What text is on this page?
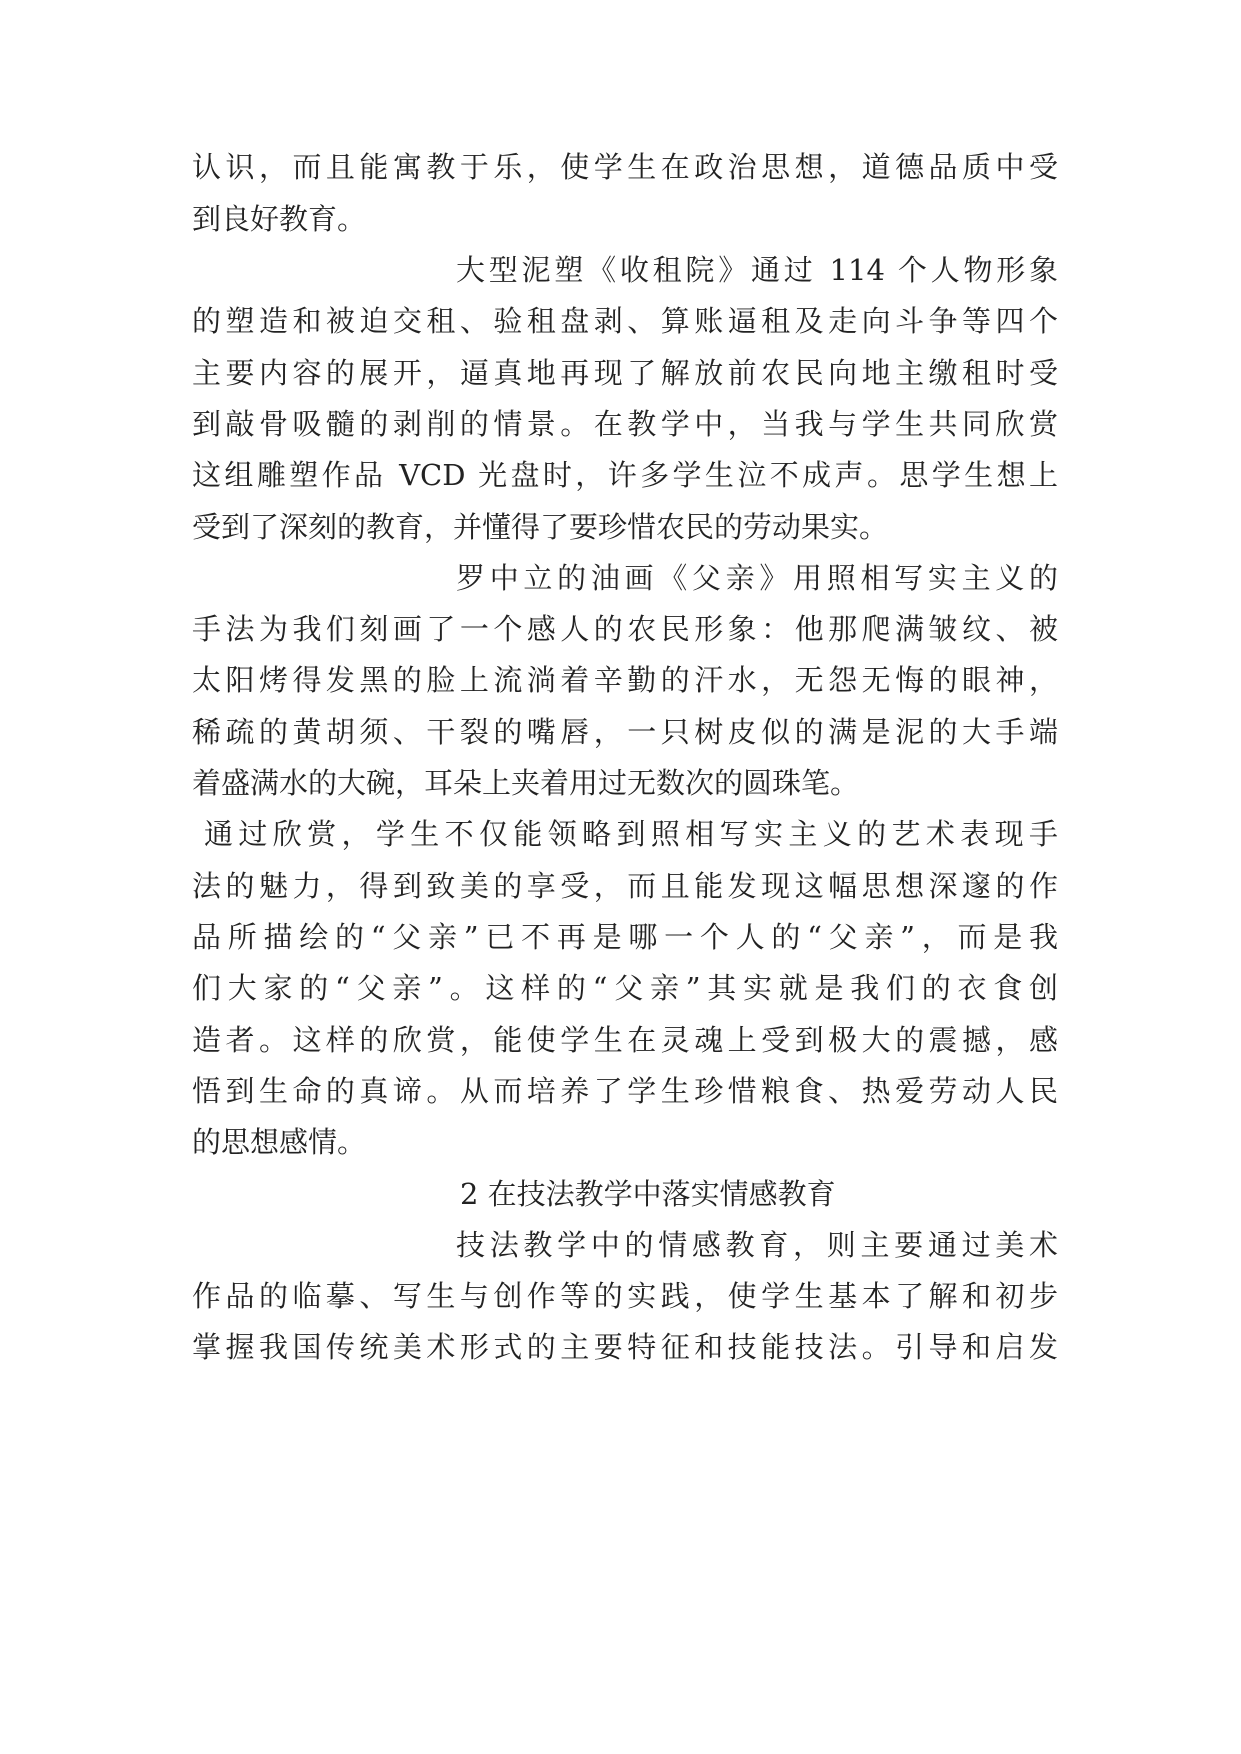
认识，而且能寓教于乐，使学生在政治思想，道德品质中受
到良好教育。
大型泥塑《收租院》通过 114 个人物形象
的塑造和被迫交租、验租盘剥、算账逼租及走向斗争等四个
主要内容的展开，逼真地再现了解放前农民向地主缴租时受
到敲骨吸髓的剥削的情景。在教学中，当我与学生共同欣赏
这组雕塑作品 VCD 光盘时，许多学生泣不成声。思学生想上
受到了深刻的教育，并懂得了要珍惜农民的劳动果实。
罗中立的油画《父亲》用照相写实主义的
手法为我们刻画了一个感人的农民形象：他那爬满皱纹、被
太阳烤得发黑的脸上流淌着辛勤的汗水，无怨无悔的眼神，
稀疏的黄胡须、干裂的嘴唇，一只树皮似的满是泥的大手端
着盛满水的大碗，耳朵上夹着用过无数次的圆珠笔。
通过欣赏，学生不仅能领略到照相写实主义的艺术表现手
法的魅力，得到致美的享受，而且能发现这幅思想深邃的作
品所描绘的“父亲”已不再是哪一个人的“父亲”，而是我
们大家的“父亲”。这样的“父亲”其实就是我们的衣食创
造者。这样的欣赏，能使学生在灵魂上受到极大的震撼，感
悟到生命的真谛。从而培养了学生珍惜粮食、热爱劳动人民
的思想感情。
2 在技法教学中落实情感教育
技法教学中的情感教育，则主要通过美术
作品的临摹、写生与创作等的实践，使学生基本了解和初步
掌握我国传统美术形式的主要特征和技能技法。引导和启发
